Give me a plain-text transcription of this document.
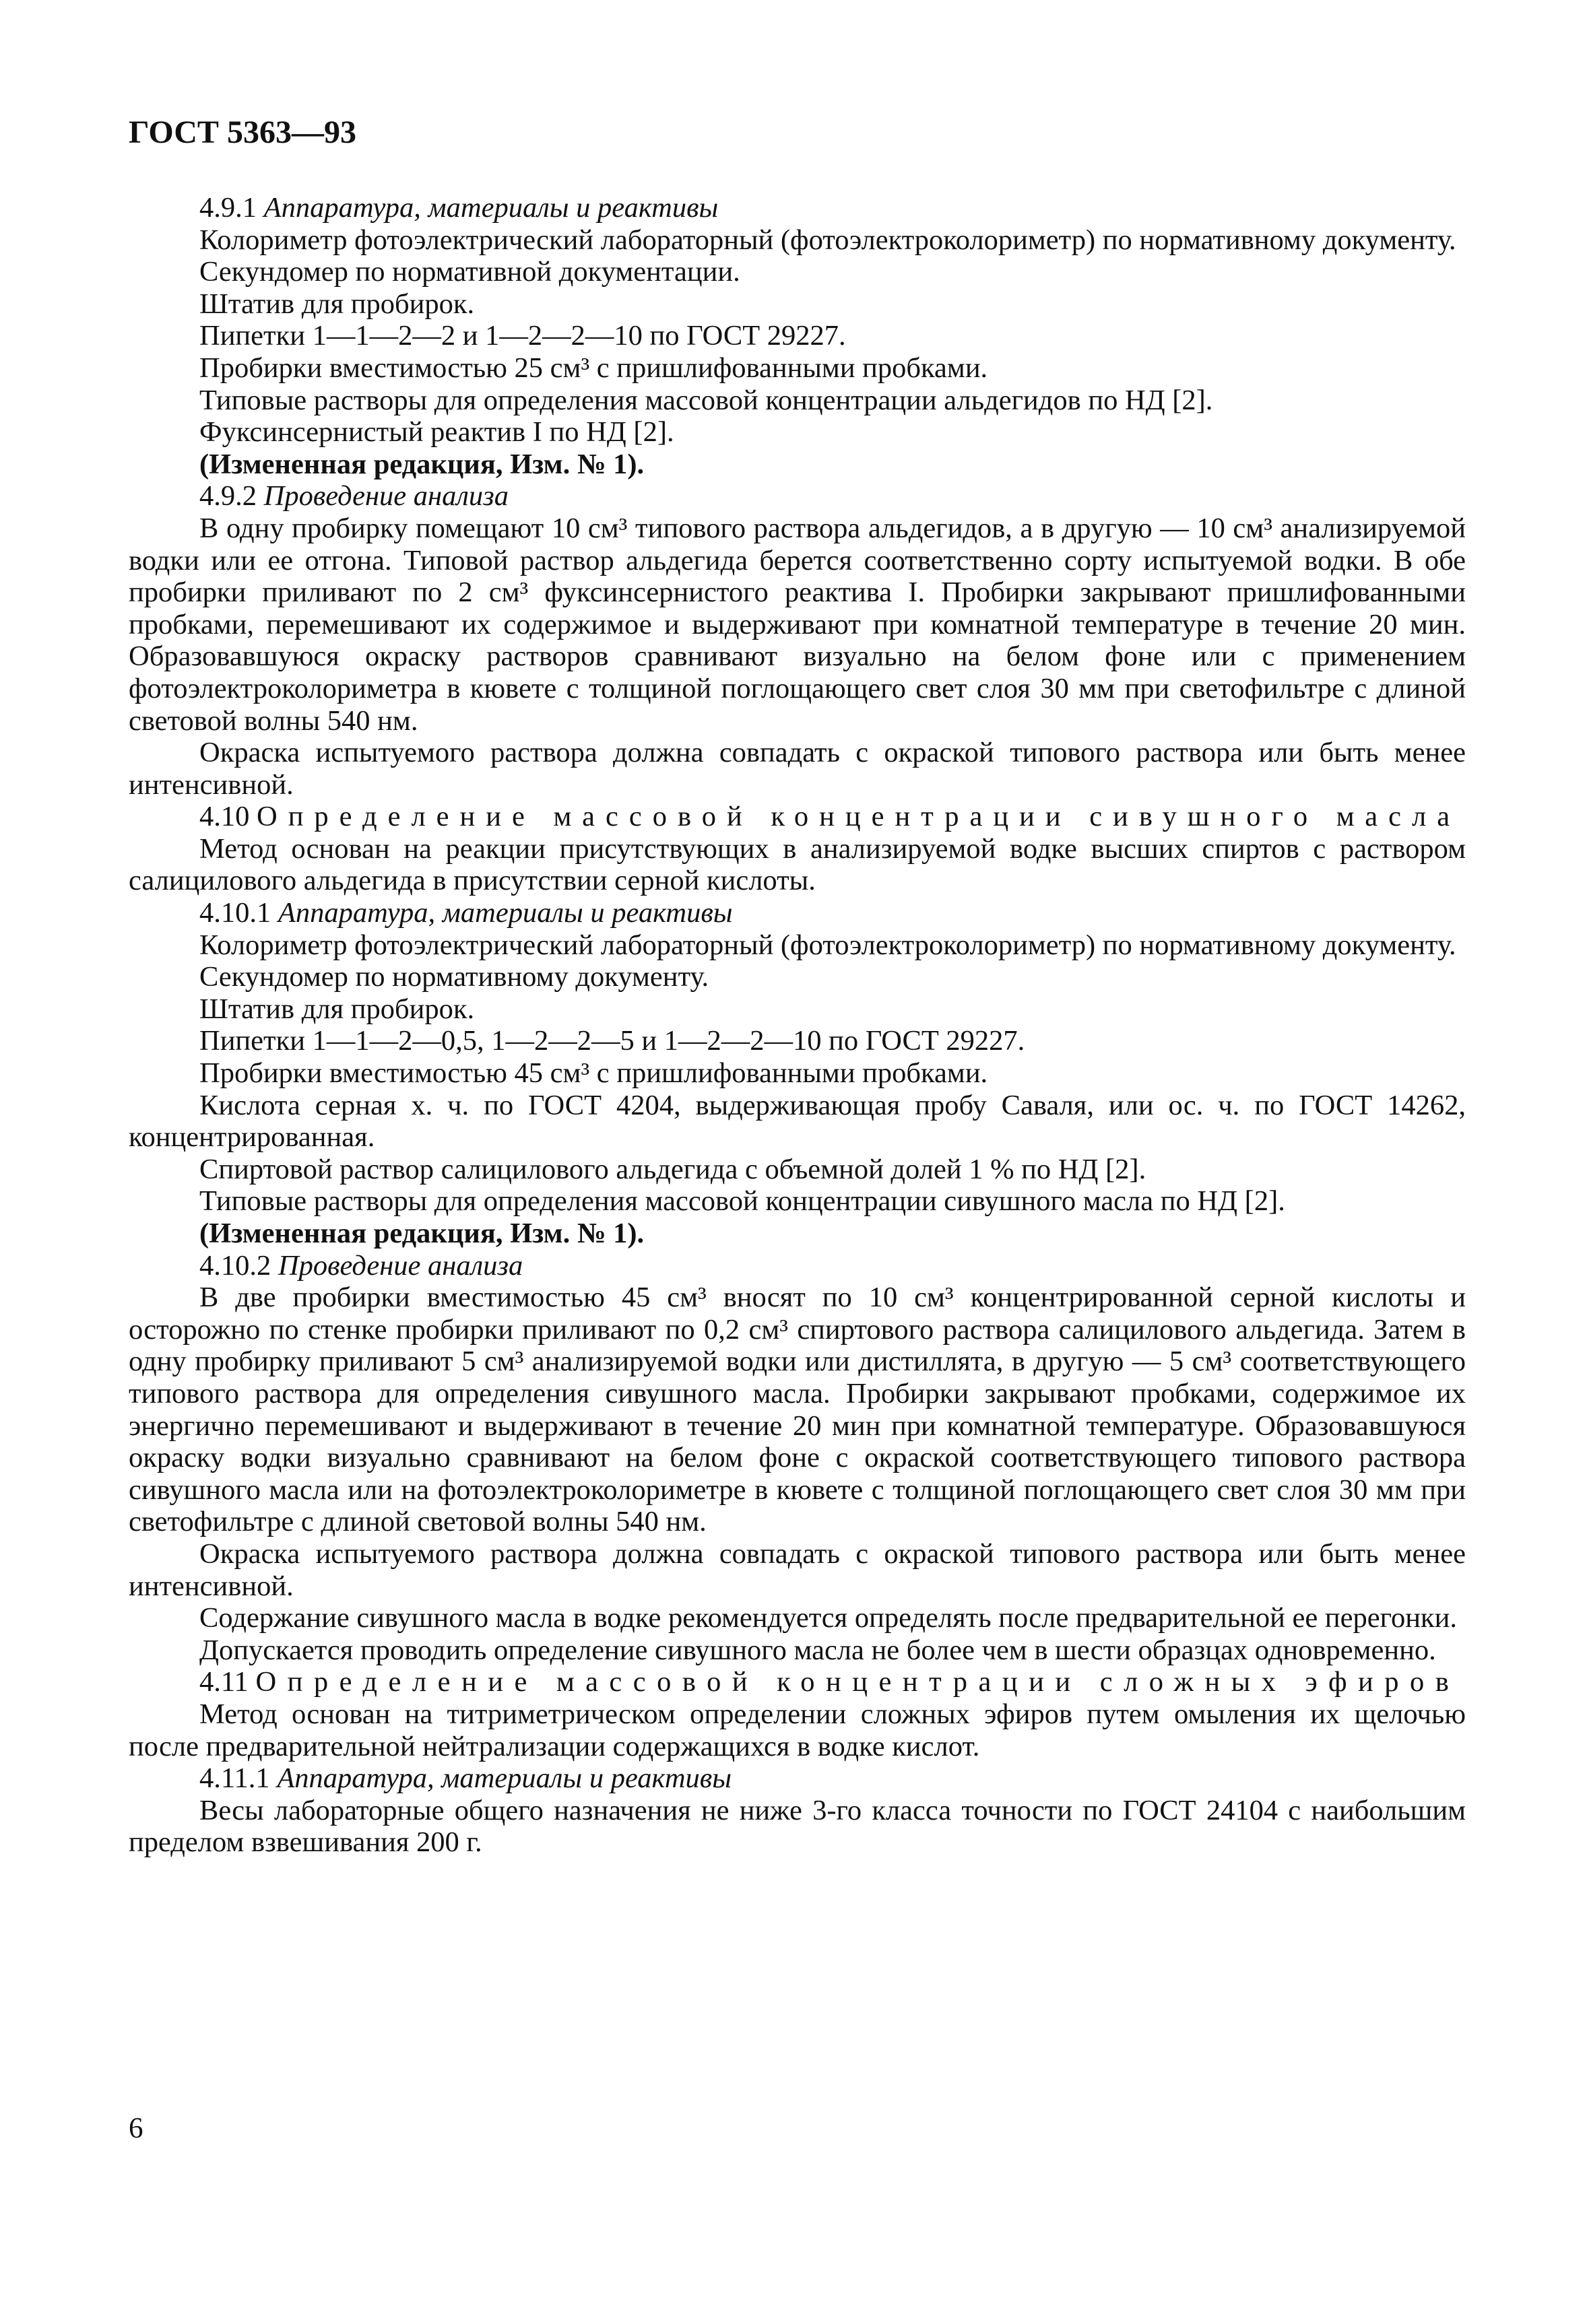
ГОСТ 5363—93
4.9.1 Аппаратура, материалы и реактивы
Колориметр фотоэлектрический лабораторный (фотоэлектроколориметр) по нормативному документу.
Секундомер по нормативной документации.
Штатив для пробирок.
Пипетки 1—1—2—2 и 1—2—2—10 по ГОСТ 29227.
Пробирки вместимостью 25 см³ с пришлифованными пробками.
Типовые растворы для определения массовой концентрации альдегидов по НД [2].
Фуксинсернистый реактив I по НД [2].
(Измененная редакция, Изм. № 1).
4.9.2 Проведение анализа
В одну пробирку помещают 10 см³ типового раствора альдегидов, а в другую — 10 см³ анализируемой водки или ее отгона. Типовой раствор альдегида берется соответственно сорту испытуемой водки. В обе пробирки приливают по 2 см³ фуксинсернистого реактива I. Пробирки закрывают пришлифованными пробками, перемешивают их содержимое и выдерживают при комнатной температуре в течение 20 мин. Образовавшуюся окраску растворов сравнивают визуально на белом фоне или с применением фотоэлектроколориметра в кювете с толщиной поглощающего свет слоя 30 мм при светофильтре с длиной световой волны 540 нм.
Окраска испытуемого раствора должна совпадать с окраской типового раствора или быть менее интенсивной.
4.10 Определение массовой концентрации сивушного масла
Метод основан на реакции присутствующих в анализируемой водке высших спиртов с раствором салицилового альдегида в присутствии серной кислоты.
4.10.1 Аппаратура, материалы и реактивы
Колориметр фотоэлектрический лабораторный (фотоэлектроколориметр) по нормативному документу.
Секундомер по нормативному документу.
Штатив для пробирок.
Пипетки 1—1—2—0,5, 1—2—2—5 и 1—2—2—10 по ГОСТ 29227.
Пробирки вместимостью 45 см³ с пришлифованными пробками.
Кислота серная х. ч. по ГОСТ 4204, выдерживающая пробу Саваля, или ос. ч. по ГОСТ 14262, концентрированная.
Спиртовой раствор салицилового альдегида с объемной долей 1 % по НД [2].
Типовые растворы для определения массовой концентрации сивушного масла по НД [2].
(Измененная редакция, Изм. № 1).
4.10.2 Проведение анализа
В две пробирки вместимостью 45 см³ вносят по 10 см³ концентрированной серной кислоты и осторожно по стенке пробирки приливают по 0,2 см³ спиртового раствора салицилового альдегида. Затем в одну пробирку приливают 5 см³ анализируемой водки или дистиллята, в другую — 5 см³ соответствующего типового раствора для определения сивушного масла. Пробирки закрывают пробками, содержимое их энергично перемешивают и выдерживают в течение 20 мин при комнатной температуре. Образовавшуюся окраску водки визуально сравнивают на белом фоне с окраской соответствующего типового раствора сивушного масла или на фотоэлектроколориметре в кювете с толщиной поглощающего свет слоя 30 мм при светофильтре с длиной световой волны 540 нм.
Окраска испытуемого раствора должна совпадать с окраской типового раствора или быть менее интенсивной.
Содержание сивушного масла в водке рекомендуется определять после предварительной ее перегонки.
Допускается проводить определение сивушного масла не более чем в шести образцах одновременно.
4.11 Определение массовой концентрации сложных эфиров
Метод основан на титриметрическом определении сложных эфиров путем омыления их щелочью после предварительной нейтрализации содержащихся в водке кислот.
4.11.1 Аппаратура, материалы и реактивы
Весы лабораторные общего назначения не ниже 3-го класса точности по ГОСТ 24104 с наибольшим пределом взвешивания 200 г.
6
